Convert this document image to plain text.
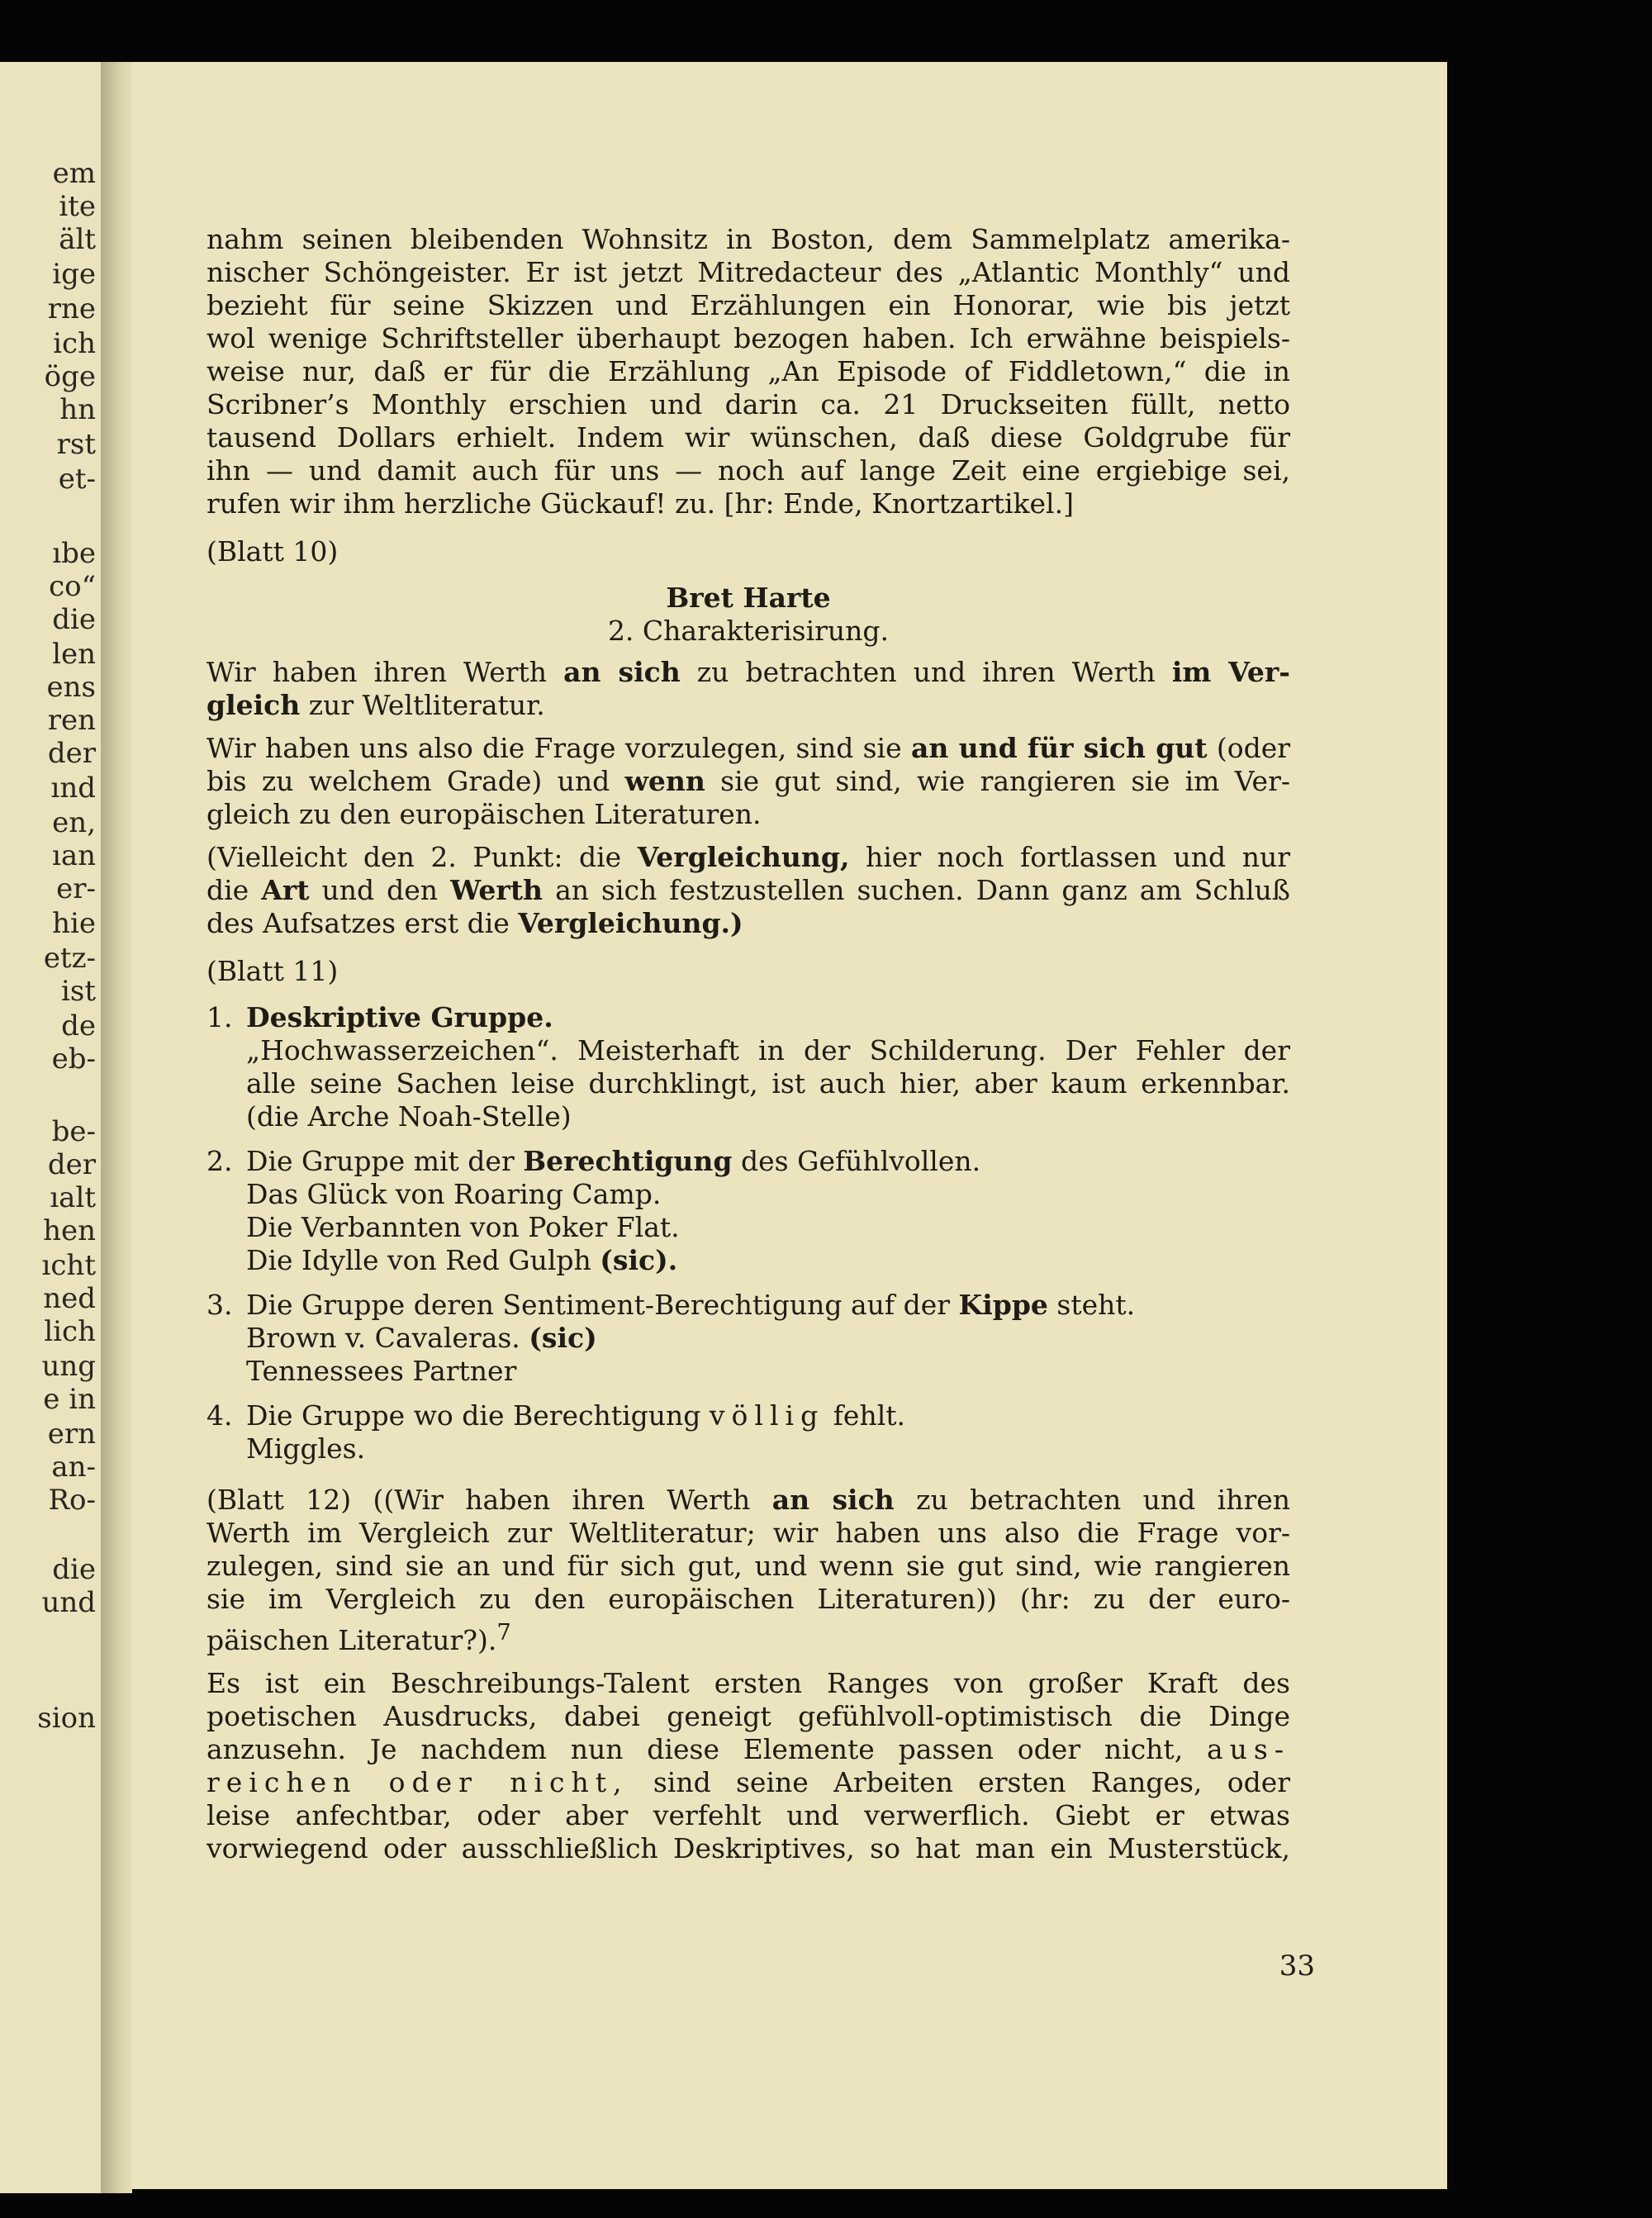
em
ite
ält
ige
rne
ich
öge
hn
rst
et-
ıbe
co“
die
len
ens
ren
der
ınd
en,
ıan
er-
hie
etz-
ist
de
eb-
be-
der
ıalt
hen
ıcht
ned
lich
ung
e in
ern
an-
Ro-
die
und
sion
nahm seinen bleibenden Wohnsitz in Boston, dem Sammelplatz amerika-
nischer Schöngeister. Er ist jetzt Mitredacteur des „Atlantic Monthly“ und
bezieht für seine Skizzen und Erzählungen ein Honorar, wie bis jetzt
wol wenige Schriftsteller überhaupt bezogen haben. Ich erwähne beispiels-
weise nur, daß er für die Erzählung „An Episode of Fiddletown,“ die in
Scribner’s Monthly erschien und darin ca. 21 Druckseiten füllt, netto
tausend Dollars erhielt. Indem wir wünschen, daß diese Goldgrube für
ihn — und damit auch für uns — noch auf lange Zeit eine ergiebige sei,
rufen wir ihm herzliche Gückauf! zu. [hr: Ende, Knortzartikel.]
(Blatt 10)
Bret Harte
2. Charakterisirung.
Wir haben ihren Werth an sich zu betrachten und ihren Werth im Ver-
gleich zur Weltliteratur.
Wir haben uns also die Frage vorzulegen, sind sie an und für sich gut (oder
bis zu welchem Grade) und wenn sie gut sind, wie rangieren sie im Ver-
gleich zu den europäischen Literaturen.
(Vielleicht den 2. Punkt: die Vergleichung, hier noch fortlassen und nur
die Art und den Werth an sich festzustellen suchen. Dann ganz am Schluß
des Aufsatzes erst die Vergleichung.)
(Blatt 11)
1. Deskriptive Gruppe.
„Hochwasserzeichen“. Meisterhaft in der Schilderung. Der Fehler der
alle seine Sachen leise durchklingt, ist auch hier, aber kaum erkennbar.
(die Arche Noah-Stelle)
2. Die Gruppe mit der Berechtigung des Gefühlvollen.
Das Glück von Roaring Camp.
Die Verbannten von Poker Flat.
Die Idylle von Red Gulph (sic).
3. Die Gruppe deren Sentiment-Berechtigung auf der Kippe steht.
Brown v. Cavaleras. (sic)
Tennessees Partner
4. Die Gruppe wo die Berechtigung völlig fehlt.
Miggles.
(Blatt 12) ((Wir haben ihren Werth an sich zu betrachten und ihren
Werth im Vergleich zur Weltliteratur; wir haben uns also die Frage vor-
zulegen, sind sie an und für sich gut, und wenn sie gut sind, wie rangieren
sie im Vergleich zu den europäischen Literaturen)) (hr: zu der euro-
päischen Literatur?).$^7$
Es ist ein Beschreibungs-Talent ersten Ranges von großer Kraft des
poetischen Ausdrucks, dabei geneigt gefühlvoll-optimistisch die Dinge
anzusehn. Je nachdem nun diese Elemente passen oder nicht, aus-
reichen oder nicht, sind seine Arbeiten ersten Ranges, oder
leise anfechtbar, oder aber verfehlt und verwerflich. Giebt er etwas
vorwiegend oder ausschließlich Deskriptives, so hat man ein Musterstück,
33
